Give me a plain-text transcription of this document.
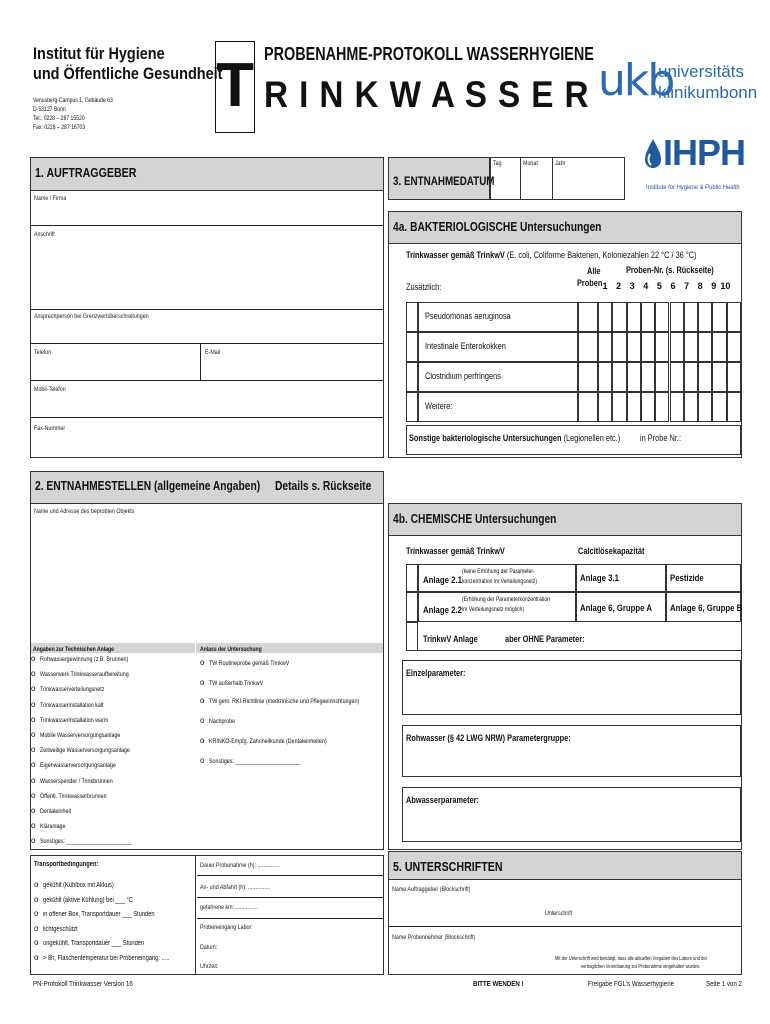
Institut für Hygiene
und Öffentliche Gesundheit
Venusberg-Campus 1, Gebäude 63
D-53127 Bonn
Tel.: 0228 – 287 15520
Fax: 0228 – 287 16703
T PROBENAHME-PROTOKOLL WASSERHYGIENE
R I N K W A S S E R ukb
universitäts
klinikumbonn
IHPH
Institute for Hygiene & Public Health
1. AUFTRAGGEBER
Name / Firma
Anschrift
Ansprechperson bei Grenzwertüberschreitungen
Telefon	E-Mail
Mobil-Telefon
Fax-Nummer
3. ENTNAHMEDATUM
Tag	Monat	Jahr
4a. BAKTERIOLOGISCHE Untersuchungen
Trinkwasser gemäß TrinkwV (E. coli, Coliforme Bakterien, Koloniezahlen 22 °C / 36 °C)
Alle
Proben
Proben-Nr. (s. Rückseite)
Zusätzlich:	1 2 3 4 5 6 7 8 9 10
Pseudomonas aeruginosa
Intestinale Enterokokken
Clostridium perfringens
Weitere:
Sonstige bakteriologische Untersuchungen (Legionellen etc.) in Probe Nr.:
2. ENTNAHMESTELLEN (allgemeine Angaben) Details s. Rückseite
Name und Adresse des beprobten Objekts
Angaben zur Technischen Anlage	Anlass der Untersuchung
o Rohwassergewinnung (z.B. Brunnen)
o Wasserwerk Trinkwasseraufbereitung
o Trinkwasserverteilungsnetz
o Trinkwasserinstallation kalt
o Trinkwasserinstallation warm
o Mobile Wasserversorgungsanlage
o Zeitweilige Wasserversorgungsanlage
o Eigenwasserversorgungsanlage
o Wasserspender / Trinkbrunnen
o Öffentl. Trinkwasserbrunnen
o Dentaleinheit
o Kläranlage
o Sonstiges: ______________________
o TW Routineprobe gemäß TrinkwV
o TW außerhalb TrinkwV
o TW gem. RKI-Richtlinie (medizinische und Pflegeeinrichtungen)
o Nachprobe
o KRINKO-Empfg. Zahnheilkunde (Dentaleinheiten)
o Sonstiges: ______________________
4b. CHEMISCHE Untersuchungen
Trinkwasser gemäß TrinkwV	Calcitlösekapazität
Anlage 2.1
(keine Erhöhung der Parameter-
konzentration im Verteilungsnetz)	Anlage 3.1	Pestizide
Anlage 2.2
(Erhöhung der Parameterkonzentration
im Verteilungsnetz möglich)	Anlage 6, Gruppe A	Anlage 6, Gruppe B
TrinkwV Anlage	aber OHNE Parameter:
Einzelparameter:
Rohwasser (§ 42 LWG NRW) Parametergruppe:
Abwasserparameter:
Transportbedingungen:
o gekühlt (Kühlbox mit Akkus)
o gekühlt (aktive Kühlung) bei ___ °C
o in offener Box, Transportdauer ___ Stunden
o lichtgeschützt
o ungekühlt, Transportdauer ___ Stunden
o > 8h, Flaschentemperatur bei Probeneingang: .....
Dauer Probenahme (h): ...............
An- und Abfahrt (h): ...............
gefahrene km: ...............
Probeneingang Labor:
Datum:
Uhrzeit:
5. UNTERSCHRIFTEN
Name Auftraggeber (Blockschrift)
Unterschrift
Name Probennehmer (Blockschrift)
Mit der Unterschrift wird bestätigt, dass alle aktuellen Vorgaben des Labors und der
vertraglichen Vereinbarung zur Probenahme eingehalten wurden.
PN-Protokoll Trinkwasser Version 16	BITTE WENDEN !	Freigabe FGL's Wasserhygiene	Seite 1 von 2
